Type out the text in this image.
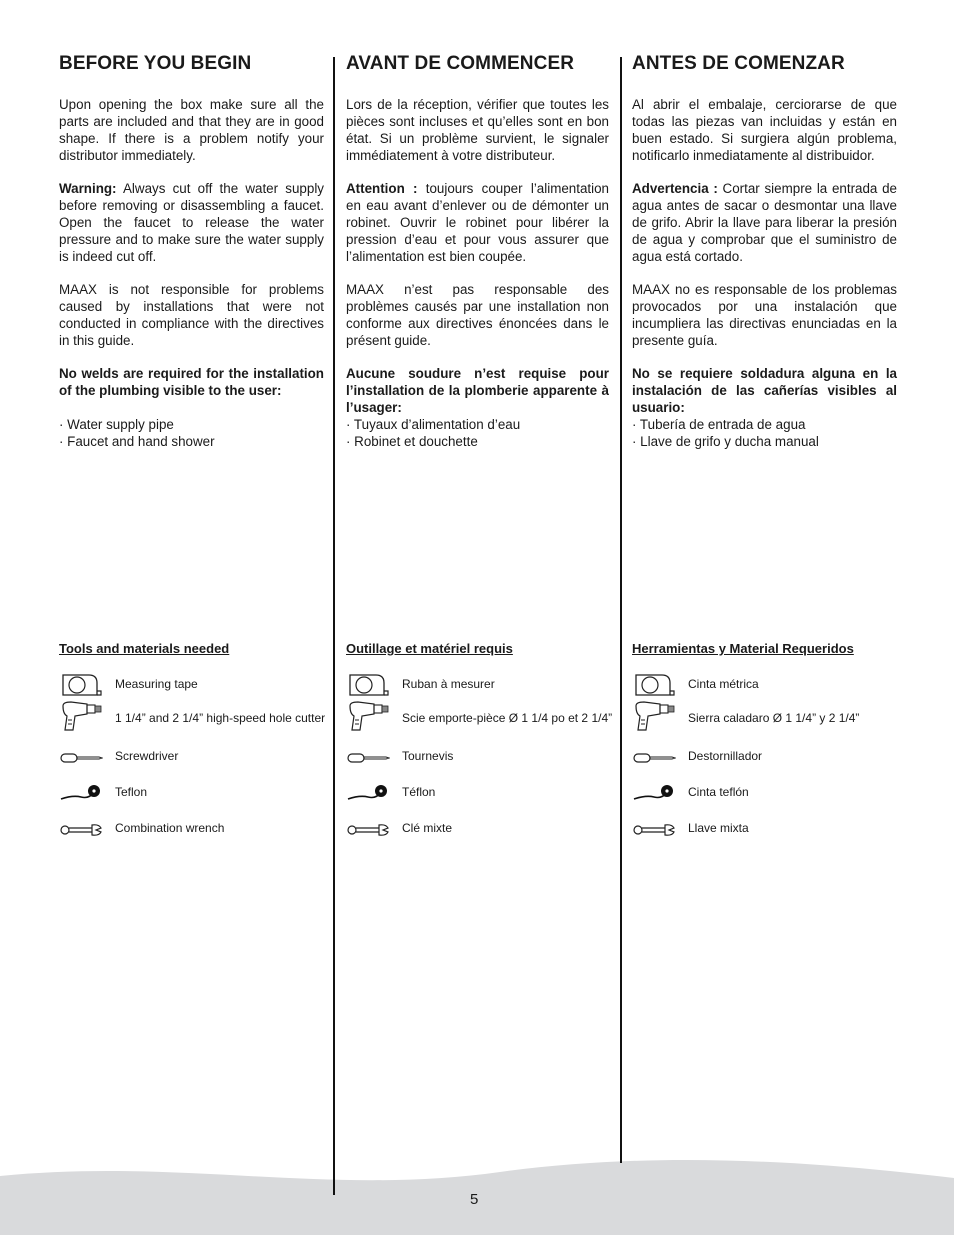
BEFORE YOU BEGIN

Upon opening the box make sure all the parts are included and that they are in good shape. If there is a problem notify your distributor immediately.

Warning: Always cut off the water supply before removing or disassembling a faucet. Open the faucet to release the water pressure and to make sure the water supply is indeed cut off.

MAAX is not responsible for problems caused by installations that were not conducted in compliance with the directives in this guide.

No welds are required for the installation of the plumbing visible to the user:

· Water supply pipe
· Faucet and hand shower
Tools and materials needed
Measuring tape
1 1/4” and 2 1/4” high-speed hole cutter
Screwdriver
Teflon
Combination wrench
AVANT DE COMMENCER

Lors de la réception, vérifier que toutes les pièces sont incluses et qu’elles sont en bon état. Si un problème survient, le signaler immédiatement à votre distributeur.

Attention : toujours couper l’alimentation en eau avant d’enlever ou de démonter un robinet. Ouvrir le robinet pour libérer la pression d’eau et pour vous assurer que l’alimentation est bien coupée.

MAAX n’est pas responsable des problèmes causés par une installation non conforme aux directives énoncées dans le présent guide.

Aucune soudure n’est requise pour l’installation de la plomberie apparente à l’usager:

· Tuyaux d’alimentation d’eau
· Robinet et douchette
Outillage et matériel requis
Ruban à mesurer
Scie emporte-pièce Ø 1 1/4 po et 2 1/4”
Tournevis
Téflon
Clé mixte
ANTES DE COMENZAR

Al abrir el embalaje, cerciorarse de que todas las piezas van incluidas y están en buen estado. Si surgiera algún problema, notificarlo inmediatamente al distribuidor.

Advertencia : Cortar siempre la entrada de agua antes de sacar o desmontar una llave de grifo. Abrir la llave para liberar la presión de agua y comprobar que el suministro de agua está cortado.

MAAX no es responsable de los problemas provocados por una instalación que incumpliera las directivas enunciadas en la presente guía.

No se requiere soldadura alguna en la instalación de las cañerías visibles al usuario:

· Tubería de entrada de agua
· Llave de grifo y ducha manual
Herramientas y Material Requeridos
Cinta métrica
Sierra caladaro Ø 1 1/4” y 2 1/4”
Destornillador
Cinta teflón
Llave mixta
5
